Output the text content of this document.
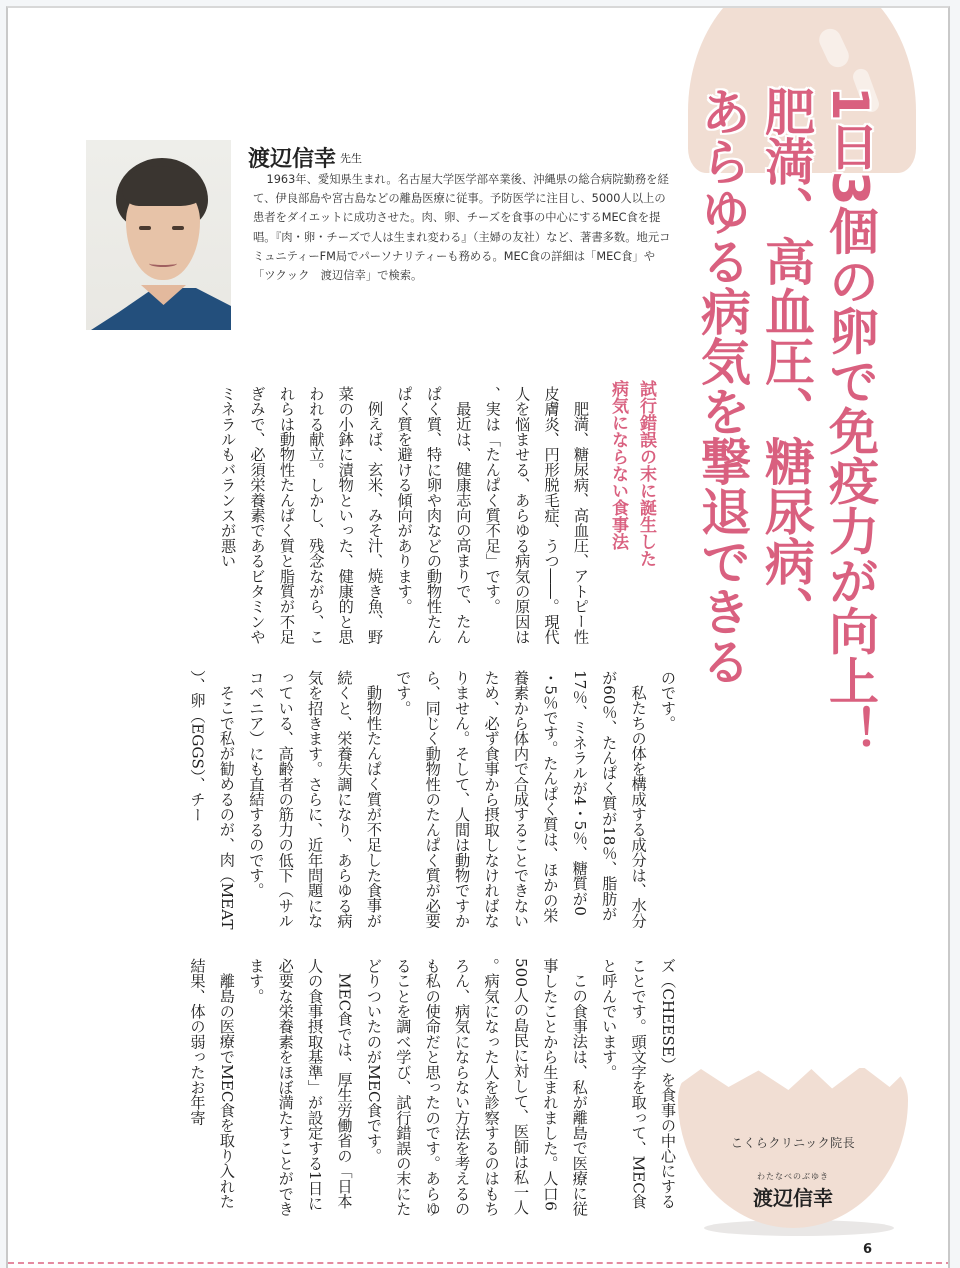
1日3個の卵で免疫力が向上！
肥満、高血圧、糖尿病、
あらゆる病気を撃退できる
渡辺信幸 先生
1963年、愛知県生まれ。名古屋大学医学部卒業後、沖縄県の総合病院勤務を経て、伊良部島や宮古島などの離島医療に従事。予防医学に注目し、5000人以上の患者をダイエットに成功させた。肉、卵、チーズを食事の中心にするMEC食を提唱。『肉・卵・チーズで人は生まれ変わる』（主婦の友社）など、著書多数。地元コミュニティーFM局でパーソナリティーも務める。MEC食の詳細は「MEC食」や「ツクック　渡辺信幸」で検索。
試行錯誤の末に誕生した
病気にならない食事法

肥満、糖尿病、高血圧、アトピー性皮膚炎、円形脱毛症、うつ――。現代人を悩ませる、あらゆる病気の原因は、実は「たんぱく質不足」です。

最近は、健康志向の高まりで、たんぱく質、特に卵や肉などの動物性たんぱく質を避ける傾向があります。

例えば、玄米、みそ汁、焼き魚、野菜の小鉢に漬物といった、健康的と思われる献立。しかし、残念ながら、これらは動物性たんぱく質と脂質が不足ぎみで、必須栄養素であるビタミンやミネラルもバランスが悪い

のです。

私たちの体を構成する成分は、水分が60％、たんぱく質が18％、脂肪が17％、ミネラルが4・5％、糖質が0・5％です。たんぱく質は、ほかの栄養素から体内で合成することできないため、必ず食事から摂取しなければなりません。そして、人間は動物ですから、同じく動物性のたんぱく質が必要です。

動物性たんぱく質が不足した食事が続くと、栄養失調になり、あらゆる病気を招きます。さらに、近年問題になっている、高齢者の筋力の低下（サルコペニア）にも直結するのです。

そこで私が勧めるのが、肉（MEAT）、卵（EGGS）、チー

ズ（CHEESE）を食事の中心にすることです。頭文字を取って、MEC食と呼んでいます。

この食事法は、私が離島で医療に従事したことから生まれました。人口6500人の島民に対して、医師は私一人。病気になった人を診察するのはもちろん、病気にならない方法を考えるのも私の使命だと思ったのです。あらゆることを調べ学び、試行錯誤の末にたどりついたのがMEC食です。

MEC食では、厚生労働省の「日本人の食事摂取基準」が設定する1日に必要な栄養素をほぼ満たすことができます。

離島の医療でMEC食を取り入れた結果、体の弱ったお年寄

こくらクリニック院長
わたなべのぶゆき
渡辺信幸
6
